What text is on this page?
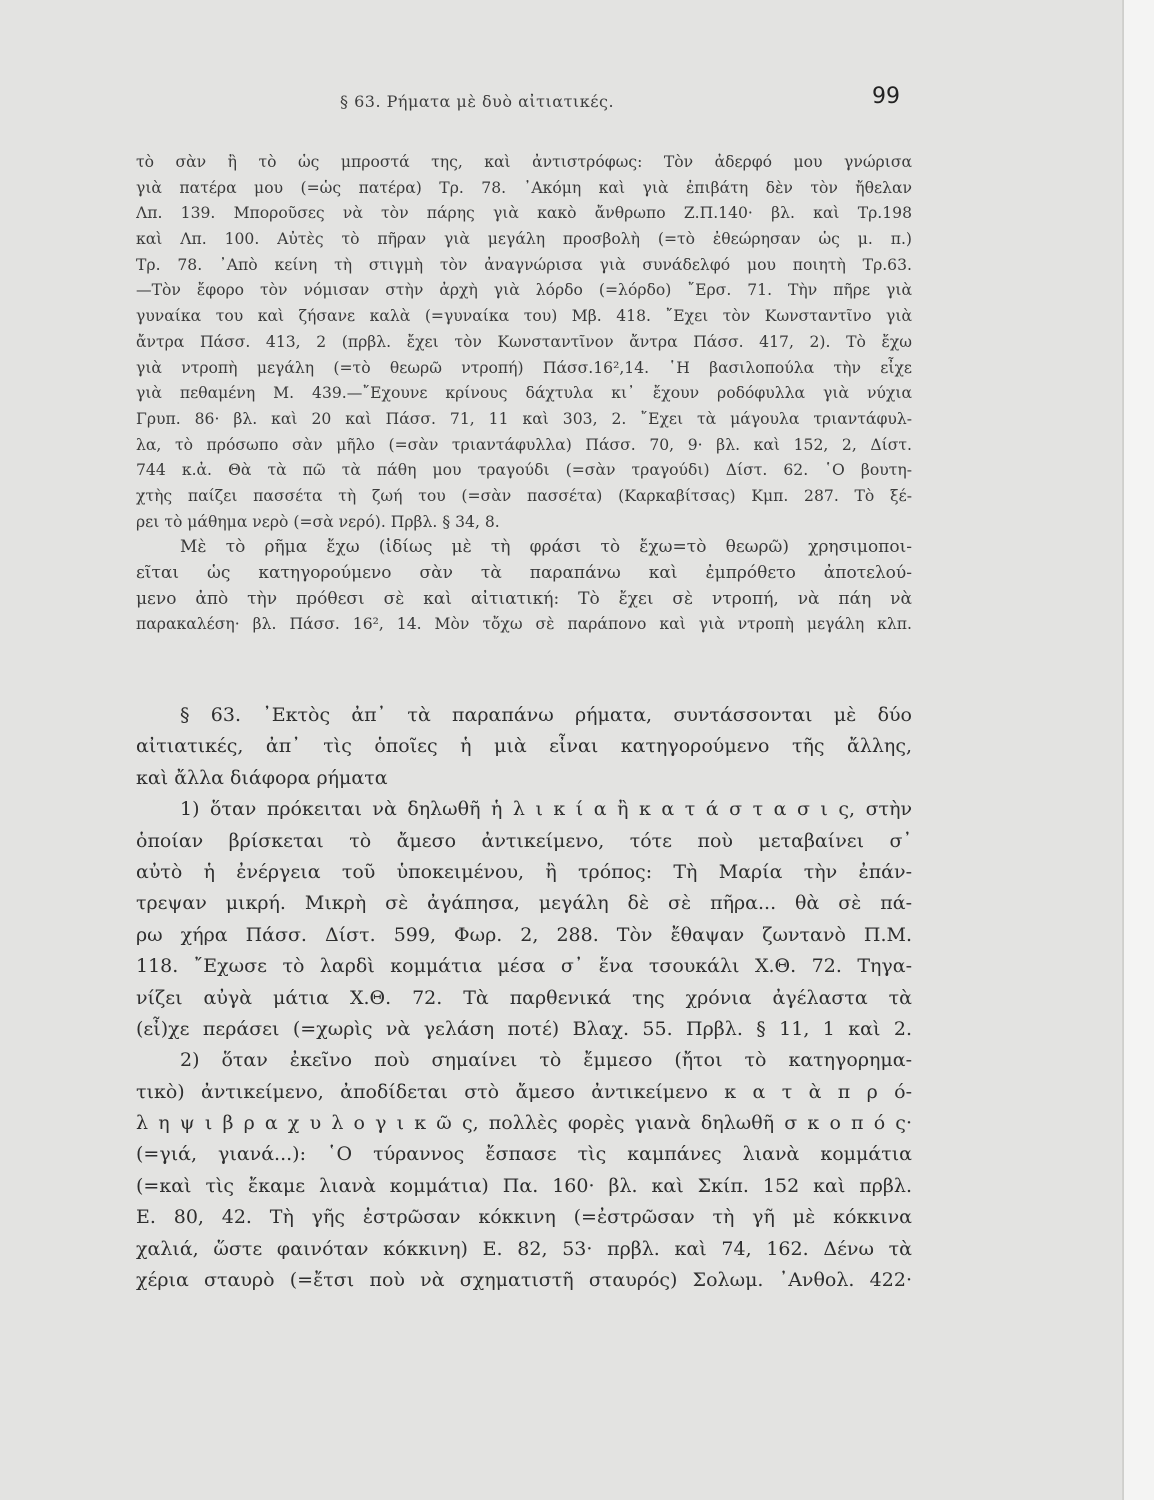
§ 63. Ρήματα μὲ δυὸ αἰτιατικές.	99
τὸ σὰν ἢ τὸ ὡς μπροστά της, καὶ ἀντιστρόφως: Τὸν ἀδερφό μου γνώρισα
γιὰ πατέρα μου (=ὡς πατέρα) Τρ. 78. ᾿Ακόμη καὶ γιὰ ἐπιβάτη δὲν τὸν ἤθελαν
Λπ. 139. Μπορoῦσες νὰ τὸν πάρης γιὰ κακὸ ἄνθρωπο Ζ.Π.140· βλ. καὶ Τρ.198
καὶ Λπ. 100. Αὐτὲς τὸ πῆραν γιὰ μεγάλη προσβολὴ (=τὸ ἐθεώρησαν ὡς μ. π.)
Τρ. 78. ᾿Απὸ κείνη τὴ στιγμὴ τὸν ἀναγνώρισα γιὰ συνάδελφό μου ποιητὴ Τρ.63.
—Τὸν ἔφορο τὸν νόμισαν στὴν ἀρχὴ γιὰ λόρδο (=λόρδο) ῎Ερσ. 71. Τὴν πῆρε γιὰ
γυναίκα του καὶ ζήσανε καλὰ (=γυναίκα του) Μβ. 418. ῎Εχει τὸν Κωνσταντῖνο γιὰ
ἄντρα Πάσσ. 413, 2 (πρβλ. ἔχει τὸν Κωνσταντῖνον ἄντρα Πάσσ. 417, 2). Τὸ ἔχω
γιὰ ντροπὴ μεγάλη (=τὸ θεωρῶ ντροπή) Πάσσ.16²,14. ῾Η βασιλοπούλα τὴν εἶχε
γιὰ πεθαμένη Μ. 439.—῎Εχουνε κρίνους δάχτυλα κι᾿ ἔχουν ροδόφυλλα γιὰ νύχια
Γρυπ. 86· βλ. καὶ 20 καὶ Πάσσ. 71, 11 καὶ 303, 2. ῎Εχει τὰ μάγουλα τριαντάφυλ-
λα, τὸ πρόσωπο σὰν μῆλο (=σὰν τριαντάφυλλα) Πάσσ. 70, 9· βλ. καὶ 152, 2, Δίστ.
744 κ.ἀ. Θὰ τὰ πῶ τὰ πάθη μου τραγούδι (=σὰν τραγούδι) Δίστ. 62. ῾Ο βουτη-
χτὴς παίζει πασσέτα τὴ ζωή του (=σὰν πασσέτα) (Καρκαβίτσας) Κμπ. 287. Τὸ ξέ-
ρει τὸ μάθημα νερὸ (=σὰ νερό). Πρβλ. § 34, 8.
Μὲ τὸ ρῆμα ἔχω (ἰδίως μὲ τὴ φράσι τὸ ἔχω=τὸ θεωρῶ) χρησιμοποι-
εῖται ὡς κατηγορούμενο σὰν τὰ παραπάνω καὶ ἐμπρόθετο ἀποτελού-
μενο ἀπὸ τὴν πρόθεσι σὲ καὶ αἰτιατική: Τὸ ἔχει σὲ ντροπή, νὰ πάη νὰ
παρακαλέση· βλ. Πάσσ. 16², 14. Μὸν τὄχω σὲ παράπονο καὶ γιὰ ντροπὴ μεγάλη κλπ.
§ 63. ᾿Εκτὸς ἀπ᾿ τὰ παραπάνω ρήματα, συντάσσονται μὲ δύο
αἰτιατικές, ἀπ᾿ τὶς ὁποῖες ἡ μιὰ εἶναι κατηγορούμενο τῆς ἄλλης,
καὶ ἄλλα διάφορα ρήματα
1) ὅταν πρόκειται νὰ δηλωθῆ ἡ λ ι κ ί α ἢ κ α τ ά σ τ α σ ι ς, στὴν
ὁποίαν βρίσκεται τὸ ἄμεσο ἀντικείμενο, τότε ποὺ μεταβαίνει σ᾿
αὐτὸ ἡ ἐνέργεια τοῦ ὑποκειμένου, ἢ τρόπος: Τὴ Μαρία τὴν ἐπάν-
τρεψαν μικρή. Μικρὴ σὲ ἀγάπησα, μεγάλη δὲ σὲ πῆρα... θὰ σὲ πά-
ρω χήρα Πάσσ. Δίστ. 599, Φωρ. 2, 288. Τὸν ἔθαψαν ζωντανὸ Π.Μ.
118. ῎Εχωσε τὸ λαρδὶ κομμάτια μέσα σ᾿ ἕνα τσουκάλι Χ.Θ. 72. Τηγα-
νίζει αὐγὰ μάτια Χ.Θ. 72. Τὰ παρθενικά της χρόνια ἀγέλαστα τὰ
(εἶ)χε περάσει (=χωρὶς νὰ γελάση ποτέ) Βλαχ. 55. Πρβλ. § 11, 1 καὶ 2.
2) ὅταν ἐκεῖνο ποὺ σημαίνει τὸ ἔμμεσο (ἤτοι τὸ κατηγορημα-
τικὸ) ἀντικείμενο, ἀποδίδεται στὸ ἄμεσο ἀντικείμενο κ α τ ὰ π ρ ό-
λ η ψ ι β ρ α χ υ λ ο γ ι κ ῶ ς, πολλὲς φορὲς γιανὰ δηλωθῆ σ κ ο π ό ς·
(=γιά, γιανά...): ῾Ο τύραννος ἔσπασε τὶς καμπάνες λιανὰ κομμάτια
(=καὶ τὶς ἔκαμε λιανὰ κομμάτια) Πα. 160· βλ. καὶ Σκίπ. 152 καὶ πρβλ.
Ε. 80, 42. Τὴ γῆς ἐστρῶσαν κόκκινη (=ἐστρῶσαν τὴ γῆ μὲ κόκκινα
χαλιά, ὥστε φαινόταν κόκκινη) Ε. 82, 53· πρβλ. καὶ 74, 162. Δένω τὰ
χέρια σταυρὸ (=ἔτσι ποὺ νὰ σχηματιστῆ σταυρός) Σολωμ. ᾿Ανθολ. 422·
